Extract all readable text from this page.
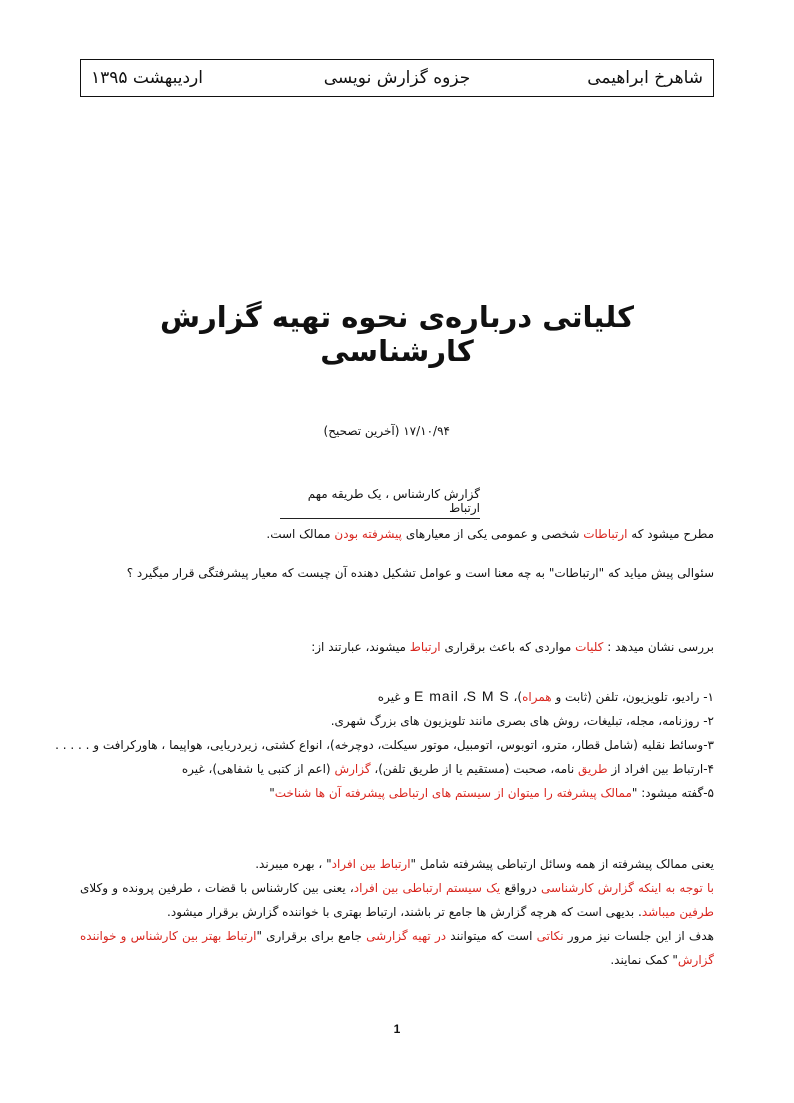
شاهرخ ابراهیمی
جزوه گزارش نویسی
اردیبهشت ۱۳۹۵
کلیاتی درباره‌ی نحوه تهیه گزارش کارشناسی
۱۷/۱۰/۹۴ (آخرین تصحیح)
گزارش کارشناس ، یک طریقه مهم ارتباط
مطرح میشود که ارتباطات شخصی و عمومی یکی از معیارهای پیشرفته بودن ممالک است.
سئوالی پیش میاید که "ارتباطات" به چه معنا است و عوامل تشکیل دهنده آن چیست که معیار پیشرفتگی قرار میگیرد ؟
بررسی نشان میدهد : کلیات مواردی که باعث برقراری ارتباط میشوند، عبارتند از:
۱- رادیو، تلویزیون، تلفن (ثابت و همراه)، S M S، E mail و غیره
۲- روزنامه، مجله، تبلیغات، روش های بصری مانند تلویزیون های بزرگ شهری.
۳-وسائط نقلیه (شامل قطار، مترو، اتوبوس، اتومبیل، موتور سیکلت، دوچرخه)، انواع کشتی، زیردریایی، هواپیما ، هاورکرافت و . . . . .
۴-ارتباط بین افراد از طریق نامه، صحبت (مستقیم یا از طریق تلفن)، گزارش (اعم از کتبی یا شفاهی)، غیره
۵-گفته میشود: "ممالک پیشرفته را میتوان از سیستم های ارتباطی پیشرفته آن ها شناخت"

یعنی ممالک پیشرفته از همه وسائل ارتباطی پیشرفته شامل "ارتباط بین افراد" ، بهره میبرند.

با توجه به اینکه گزارش کارشناسی درواقع یک سیستم ارتباطی بین افراد، یعنی بین کارشناس با قضات ، طرفین پرونده و وکلای طرفین میباشد. بدیهی است که هرچه گزارش ها جامع تر باشند، ارتباط بهتری با خواننده گزارش برقرار میشود.

هدف از این جلسات نیز مرور نکاتی است که میتوانند در تهیه گزارشی جامع برای برقراری "ارتباط بهتر بین کارشناس و خواننده گزارش" کمک نمایند.

1
